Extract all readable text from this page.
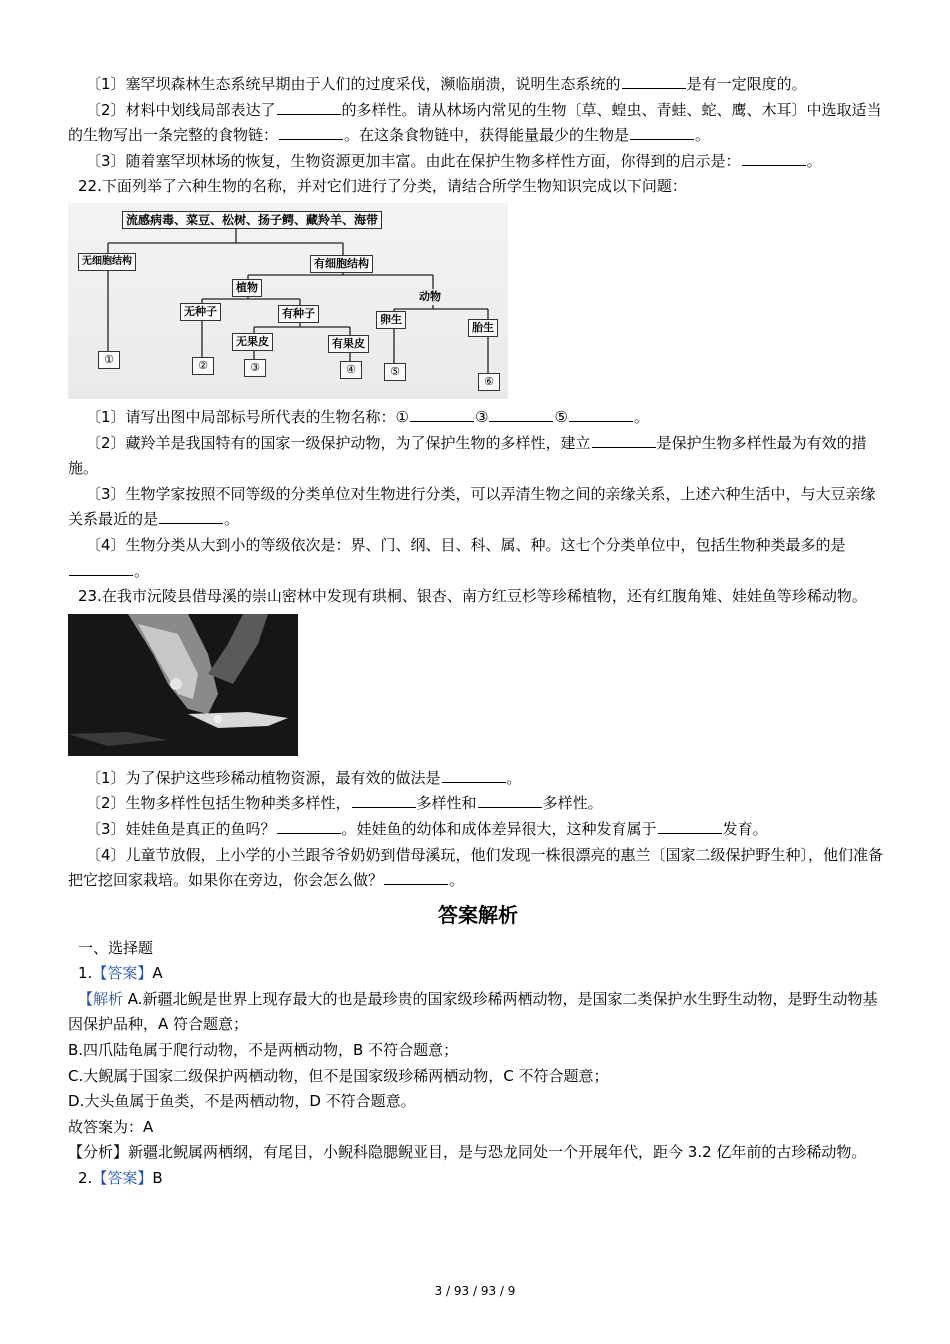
〔1〕塞罕坝森林生态系统早期由于人们的过度采伐，濒临崩溃，说明生态系统的	是有一定限度的。

〔2〕材料中划线局部表达了	的多样性。请从林场内常见的生物〔草、蝗虫、青蛙、蛇、鹰、木耳〕中选取适当的生物写出一条完整的食物链：	。在这条食物链中，获得能量最少的生物是	。

〔3〕随着塞罕坝林场的恢复，生物资源更加丰富。由此在保护生物多样性方面，你得到的启示是：	。

22.下面列举了六种生物的名称，并对它们进行了分类，请结合所学生物知识完成以下问题：

流感病毒、菜豆、松树、扬子鳄、藏羚羊、海带
无细胞结构	有细胞结构
植物
动物
无种子	有种子
无果皮	有果皮
卵生
胎生
①	②	③	④	⑤
⑥

〔1〕请写出图中局部标号所代表的生物名称：①	③	⑤	。

〔2〕藏羚羊是我国特有的国家一级保护动物，为了保护生物的多样性，建立	是保护生物多样性最为有效的措施。

〔3〕生物学家按照不同等级的分类单位对生物进行分类，可以弄清生物之间的亲缘关系，上述六种生活中，与大豆亲缘关系最近的是	。

〔4〕生物分类从大到小的等级依次是：界、门、纲、目、科、属、种。这七个分类单位中，包括生物种类最多的是。

23.在我市沅陵县借母溪的崇山密林中发现有珙桐、银杏、南方红豆杉等珍稀植物，还有红腹角雉、娃娃鱼等珍稀动物。

〔1〕为了保护这些珍稀动植物资源，最有效的做法是	。

〔2〕生物多样性包括生物种类多样性，	多样性和	多样性。

〔3〕娃娃鱼是真正的鱼吗？	。娃娃鱼的幼体和成体差异很大，这种发育属于	发育。

〔4〕儿童节放假，上小学的小兰跟爷爷奶奶到借母溪玩，他们发现一株很漂亮的惠兰〔国家二级保护野生种〕，他们准备把它挖回家栽培。如果你在旁边，你会怎么做？	。

答案解析

一、选择题

1.【答案】A

【解析 A.新疆北鲵是世界上现存最大的也是最珍贵的国家级珍稀两栖动物，是国家二类保护水生野生动物，是野生动物基因保护品种，A 符合题意；

B.四爪陆龟属于爬行动物，不是两栖动物，B 不符合题意；

C.大鲵属于国家二级保护两栖动物，但不是国家级珍稀两栖动物，C 不符合题意；

D.大头鱼属于鱼类，不是两栖动物，D 不符合题意。

故答案为：A

【分析】新疆北鲵属两栖纲，有尾目，小鲵科隐腮鲵亚目，是与恐龙同处一个开展年代，距今 3.2 亿年前的古珍稀动物。

2.【答案】B

3 / 93 / 93 / 9
